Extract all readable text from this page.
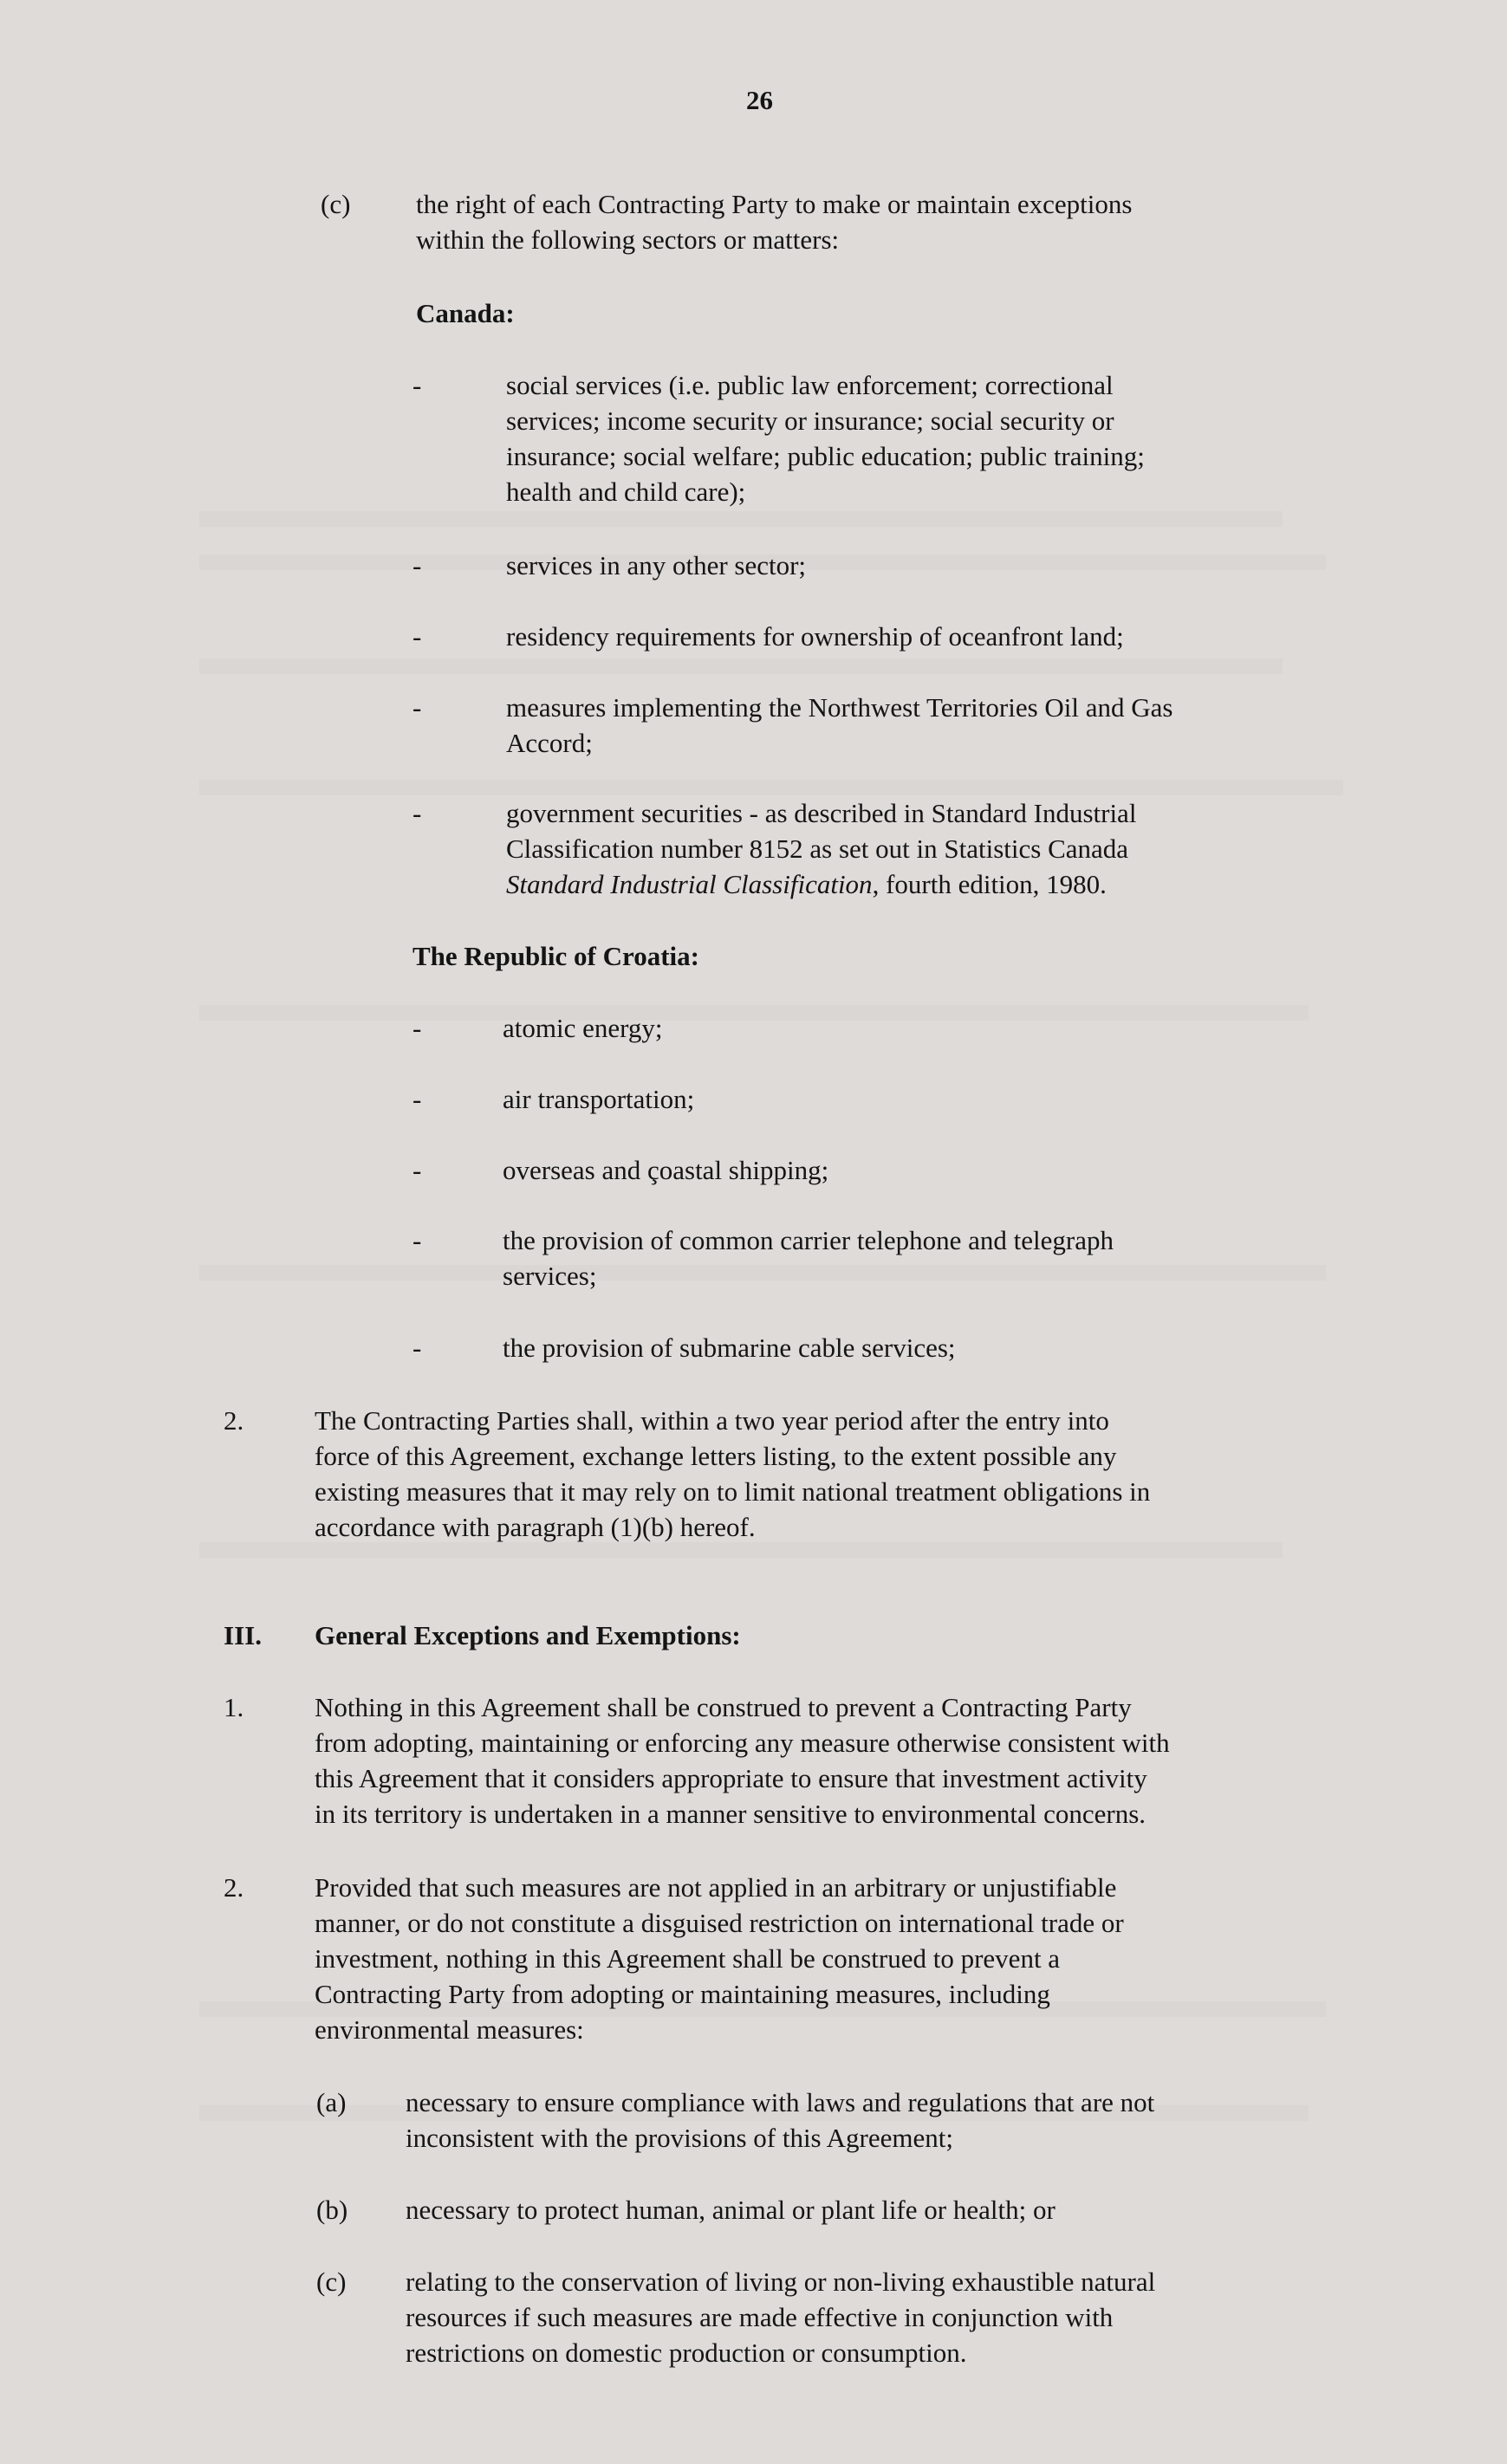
26
(c) the right of each Contracting Party to make or maintain exceptions
within the following sectors or matters:
Canada:
-	social services (i.e. public law enforcement; correctional
services; income security or insurance; social security or
insurance; social welfare; public education; public training;
health and child care);
-	services in any other sector;
-	residency requirements for ownership of oceanfront land;
-	measures implementing the Northwest Territories Oil and Gas
Accord;
-	government securities - as described in Standard Industrial
Classification number 8152 as set out in Statistics Canada
Standard Industrial Classification, fourth edition, 1980.
The Republic of Croatia:
-	atomic energy;
-	air transportation;
-	overseas and çoastal shipping;
-	the provision of common carrier telephone and telegraph
services;
-	the provision of submarine cable services;
2.	The Contracting Parties shall, within a two year period after the entry into
force of this Agreement, exchange letters listing, to the extent possible any
existing measures that it may rely on to limit national treatment obligations in
accordance with paragraph (1)(b) hereof.
III. General Exceptions and Exemptions:
1.	Nothing in this Agreement shall be construed to prevent a Contracting Party
from adopting, maintaining or enforcing any measure otherwise consistent with
this Agreement that it considers appropriate to ensure that investment activity
in its territory is undertaken in a manner sensitive to environmental concerns.
2.	Provided that such measures are not applied in an arbitrary or unjustifiable
manner, or do not constitute a disguised restriction on international trade or
investment, nothing in this Agreement shall be construed to prevent a
Contracting Party from adopting or maintaining measures, including
environmental measures:
(a) necessary to ensure compliance with laws and regulations that are not
inconsistent with the provisions of this Agreement;
(b) necessary to protect human, animal or plant life or health; or
(c) relating to the conservation of living or non-living exhaustible natural
resources if such measures are made effective in conjunction with
restrictions on domestic production or consumption.
